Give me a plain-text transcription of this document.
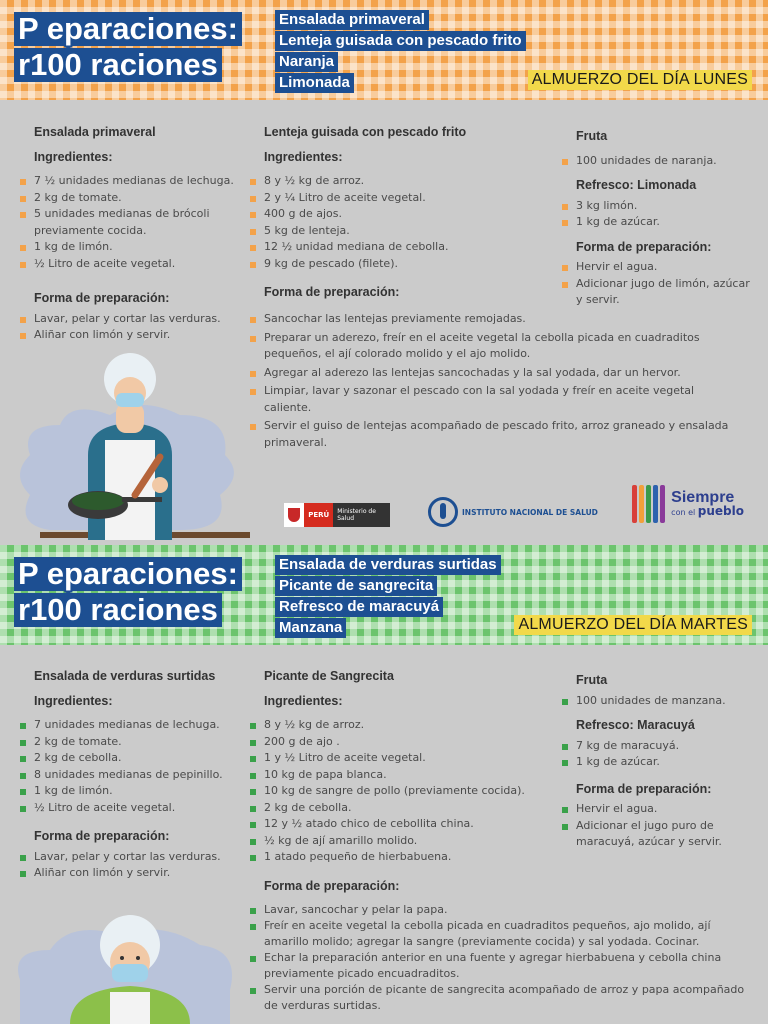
P eparaciones:
r100 raciones
Ensalada primaveral
Lenteja guisada con pescado frito
Naranja
Limonada	ALMUERZO DEL DÍA LUNES
Ensalada primaveral
Ingredientes:
7 ½ unidades medianas de lechuga.
2 kg de tomate.
5 unidades medianas de brócoli previamente cocida.
1 kg de limón.
½ Litro de aceite vegetal.
Forma de preparación:
Lavar, pelar y cortar las verduras.
Aliñar con limón y servir.
Lenteja guisada con pescado frito
Ingredientes:
8 y ½ kg de arroz.
2 y ¼ Litro de aceite vegetal.
400 g de ajos.
5 kg de lenteja.
12 ½ unidad mediana de cebolla.
9 kg de pescado (filete).
Forma de preparación:
Sancochar las lentejas previamente remojadas.
Preparar un aderezo, freír en el aceite vegetal la cebolla picada en cuadraditos pequeños, el ají colorado molido y el ajo molido.
Agregar al aderezo las lentejas sancochadas y la sal yodada, dar un hervor.
Limpiar, lavar y sazonar el pescado con la sal yodada y freír en aceite vegetal caliente.
Servir el guiso de lentejas acompañado de pescado frito, arroz graneado y ensalada primaveral.
Fruta
100 unidades de naranja.
Refresco: Limonada
3 kg limón.
1 kg de azúcar.
Forma de preparación:
Hervir el agua.
Adicionar jugo de limón, azúcar y servir.
PERÚ	Ministerio de Salud
INSTITUTO NACIONAL DE SALUD
Siempre
con el pueblo
P eparaciones:
r100 raciones
Ensalada de verduras surtidas
Picante de sangrecita
Refresco de maracuyá
Manzana	ALMUERZO DEL DÍA MARTES
Ensalada de verduras surtidas
Ingredientes:
7 unidades medianas de lechuga.
2 kg de tomate.
2 kg de cebolla.
8 unidades medianas de pepinillo.
1 kg de limón.
½ Litro de aceite vegetal.
Forma de preparación:
Lavar, pelar y cortar las verduras.
Aliñar con limón y servir.
Picante de Sangrecita
Ingredientes:
8 y ½ kg de arroz.
200 g de ajo .
1 y ½ Litro de aceite vegetal.
10 kg de papa blanca.
10 kg de sangre de pollo (previamente cocida).
2 kg de cebolla.
12 y ½ atado chico de cebollita china.
½ kg de ají amarillo molido.
1 atado pequeño de hierbabuena.
Forma de preparación:
Lavar, sancochar y pelar la papa.
Freír en aceite vegetal la cebolla picada en cuadraditos pequeños, ajo molido, ají amarillo molido; agregar la sangre (previamente cocida) y sal yodada. Cocinar.
Echar la preparación anterior en una fuente y agregar hierbabuena y cebolla china previamente picado encuadraditos.
Servir una porción de picante de sangrecita acompañado de arroz y papa acompañado de verduras surtidas.
Fruta
100 unidades de manzana.
Refresco: Maracuyá
7 kg de maracuyá.
1 kg de azúcar.
Forma de preparación:
Hervir el agua.
Adicionar el jugo puro de maracuyá, azúcar y servir.
